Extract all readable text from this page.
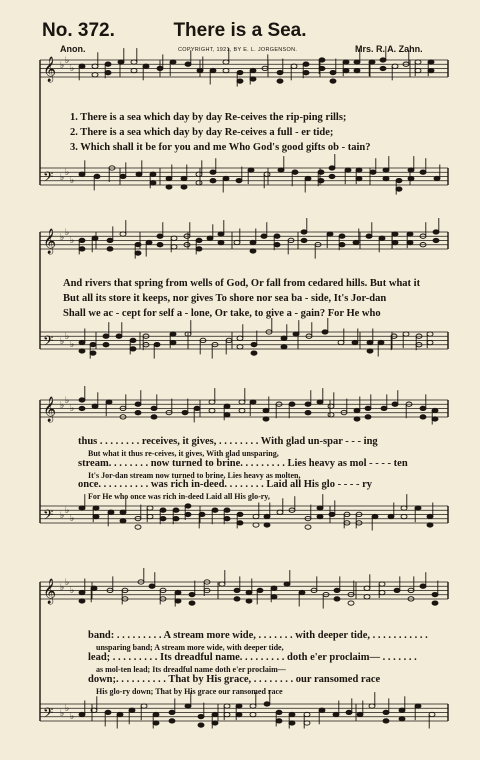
No. 372.	There is a Sea.
Anon.	COPYRIGHT, 1921, BY E. L. JORGENSON.	Mrs. R. A. Zahn.
𝄞 ♭ ♭
♭
𝄢 ♭ ♭
♭
𝄞 ♭ ♭
♭
𝄢 ♭ ♭
♭
𝄞 ♭ ♭
♭
𝄢 ♭ ♭
♭
𝄞 ♭ ♭
♭
𝄢 ♭ ♭
♭
1. There is a sea which day by day Re-ceives the rip-ping rills;
2. There is a sea which day by day Re-ceives a full - er tide;
3. Which shall it be for you and me Who God's good gifts ob - tain?
And rivers that spring from wells of God, Or fall from cedared hills. But what it
But all its store it keeps, nor gives To shore nor sea ba - side, It's Jor-dan
Shall we ac - cept for self a - lone, Or take, to give a - gain? For He who
thus . . . . . . . . receives, it gives, . . . . . . . . With glad un-spar - - - ing
But what it thus re-ceives, it gives, With glad unsparing,
stream. . . . . . . . now turned to brine. . . . . . . . . Lies heavy as mol - - - - ten
It's Jor-dan stream now turned to brine, Lies heavy as molten,
once. . . . . . . . . . was rich in-deed. . . . . . . . Laid all His glo - - - - ry
For He who once was rich in-deed Laid all His glo-ry,
band: . . . . . . . . . A stream more wide, . . . . . . . with deeper tide, . . . . . . . . . . .
unsparing band; A stream more wide, with deeper tide,
lead; . . . . . . . . . Its dreadful name. . . . . . . . . doth e'er proclaim— . . . . . . .
as mol-ten lead; Its dreadful name doth e'er proclaim—
down;. . . . . . . . . . That by His grace, . . . . . . . . our ransomed race
His glo-ry down; That by His grace our ransomed race
